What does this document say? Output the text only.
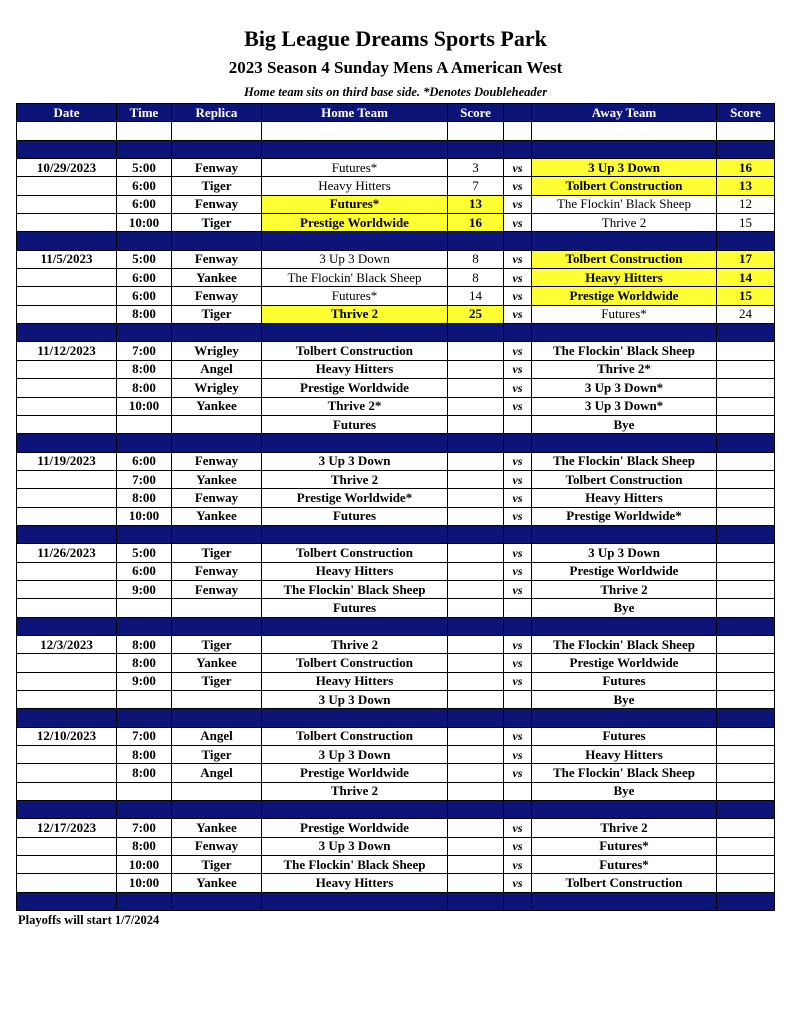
Big League Dreams Sports Park
2023 Season 4 Sunday Mens A American West
Home team sits on third base side. *Denotes Doubleheader
Date	Time	Replica	Home Team	Score		Away Team	Score

10/29/2023	5:00	Fenway	Futures*	3	vs	3 Up 3 Down	16
	6:00	Tiger	Heavy Hitters	7	vs	Tolbert Construction	13
	6:00	Fenway	Futures*	13	vs	The Flockin' Black Sheep	12
	10:00	Tiger	Prestige Worldwide	16	vs	Thrive 2	15

11/5/2023	5:00	Fenway	3 Up 3 Down	8	vs	Tolbert Construction	17
	6:00	Yankee	The Flockin' Black Sheep	8	vs	Heavy Hitters	14
	6:00	Fenway	Futures*	14	vs	Prestige Worldwide	15
	8:00	Tiger	Thrive 2	25	vs	Futures*	24

11/12/2023	7:00	Wrigley	Tolbert Construction		vs	The Flockin' Black Sheep	
	8:00	Angel	Heavy Hitters		vs	Thrive 2*	
	8:00	Wrigley	Prestige Worldwide		vs	3 Up 3 Down*	
	10:00	Yankee	Thrive 2*		vs	3 Up 3 Down*	
			Futures			Bye	

11/19/2023	6:00	Fenway	3 Up 3 Down		vs	The Flockin' Black Sheep	
	7:00	Yankee	Thrive 2		vs	Tolbert Construction	
	8:00	Fenway	Prestige Worldwide*		vs	Heavy Hitters	
	10:00	Yankee	Futures		vs	Prestige Worldwide*	

11/26/2023	5:00	Tiger	Tolbert Construction		vs	3 Up 3 Down	
	6:00	Fenway	Heavy Hitters		vs	Prestige Worldwide	
	9:00	Fenway	The Flockin' Black Sheep		vs	Thrive 2	
			Futures			Bye	

12/3/2023	8:00	Tiger	Thrive 2		vs	The Flockin' Black Sheep	
	8:00	Yankee	Tolbert Construction		vs	Prestige Worldwide	
	9:00	Tiger	Heavy Hitters		vs	Futures	
			3 Up 3 Down			Bye	

12/10/2023	7:00	Angel	Tolbert Construction		vs	Futures	
	8:00	Tiger	3 Up 3 Down		vs	Heavy Hitters	
	8:00	Angel	Prestige Worldwide		vs	The Flockin' Black Sheep	
			Thrive 2			Bye	

12/17/2023	7:00	Yankee	Prestige Worldwide		vs	Thrive 2	
	8:00	Fenway	3 Up 3 Down		vs	Futures*	
	10:00	Tiger	The Flockin' Black Sheep		vs	Futures*	
	10:00	Yankee	Heavy Hitters		vs	Tolbert Construction	

Playoffs will start 1/7/2024
